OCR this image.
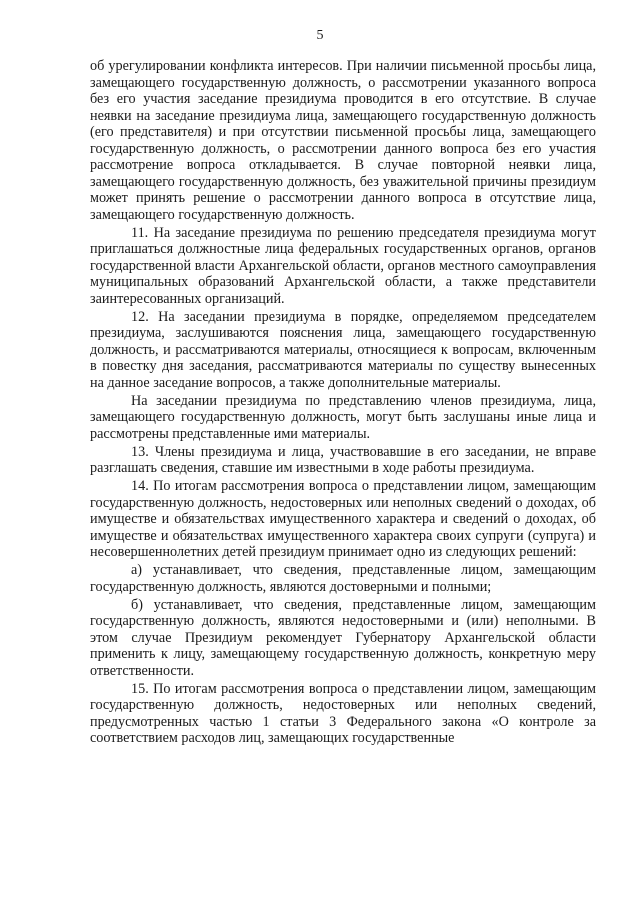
5

об урегулировании конфликта интересов. При наличии письменной просьбы лица, замещающего государственную должность, о рассмотрении указанного вопроса без его участия заседание президиума проводится в его отсутствие. В случае неявки на заседание президиума лица, замещающего государственную должность (его представителя) и при отсутствии письменной просьбы лица, замещающего государственную должность, о рассмотрении данного вопроса без его участия рассмотрение вопроса откладывается. В случае повторной неявки лица, замещающего государственную должность, без уважительной причины президиум может принять решение о рассмотрении данного вопроса в отсутствие лица, замещающего государственную должность.

11. На заседание президиума по решению председателя президиума могут приглашаться должностные лица федеральных государственных органов, органов государственной власти Архангельской области, органов местного самоуправления муниципальных образований Архангельской области, а также представители заинтересованных организаций.

12. На заседании президиума в порядке, определяемом председателем президиума, заслушиваются пояснения лица, замещающего государственную должность, и рассматриваются материалы, относящиеся к вопросам, включенным в повестку дня заседания, рассматриваются материалы по существу вынесенных на данное заседание вопросов, а также дополнительные материалы.

На заседании президиума по представлению членов президиума, лица, замещающего государственную должность, могут быть заслушаны иные лица и рассмотрены представленные ими материалы.

13. Члены президиума и лица, участвовавшие в его заседании, не вправе разглашать сведения, ставшие им известными в ходе работы президиума.

14. По итогам рассмотрения вопроса о представлении лицом, замещающим государственную должность, недостоверных или неполных сведений о доходах, об имуществе и обязательствах имущественного характера и сведений о доходах, об имуществе и обязательствах имущественного характера своих супруги (супруга) и несовершеннолетних детей президиум принимает одно из следующих решений:

а) устанавливает, что сведения, представленные лицом, замещающим государственную должность, являются достоверными и полными;

б) устанавливает, что сведения, представленные лицом, замещающим государственную должность, являются недостоверными и (или) неполными. В этом случае Президиум рекомендует Губернатору Архангельской области применить к лицу, замещающему государственную должность, конкретную меру ответственности.

15. По итогам рассмотрения вопроса о представлении лицом, замещающим государственную должность, недостоверных или неполных сведений, предусмотренных частью 1 статьи 3 Федерального закона «О контроле за соответствием расходов лиц, замещающих государственные
